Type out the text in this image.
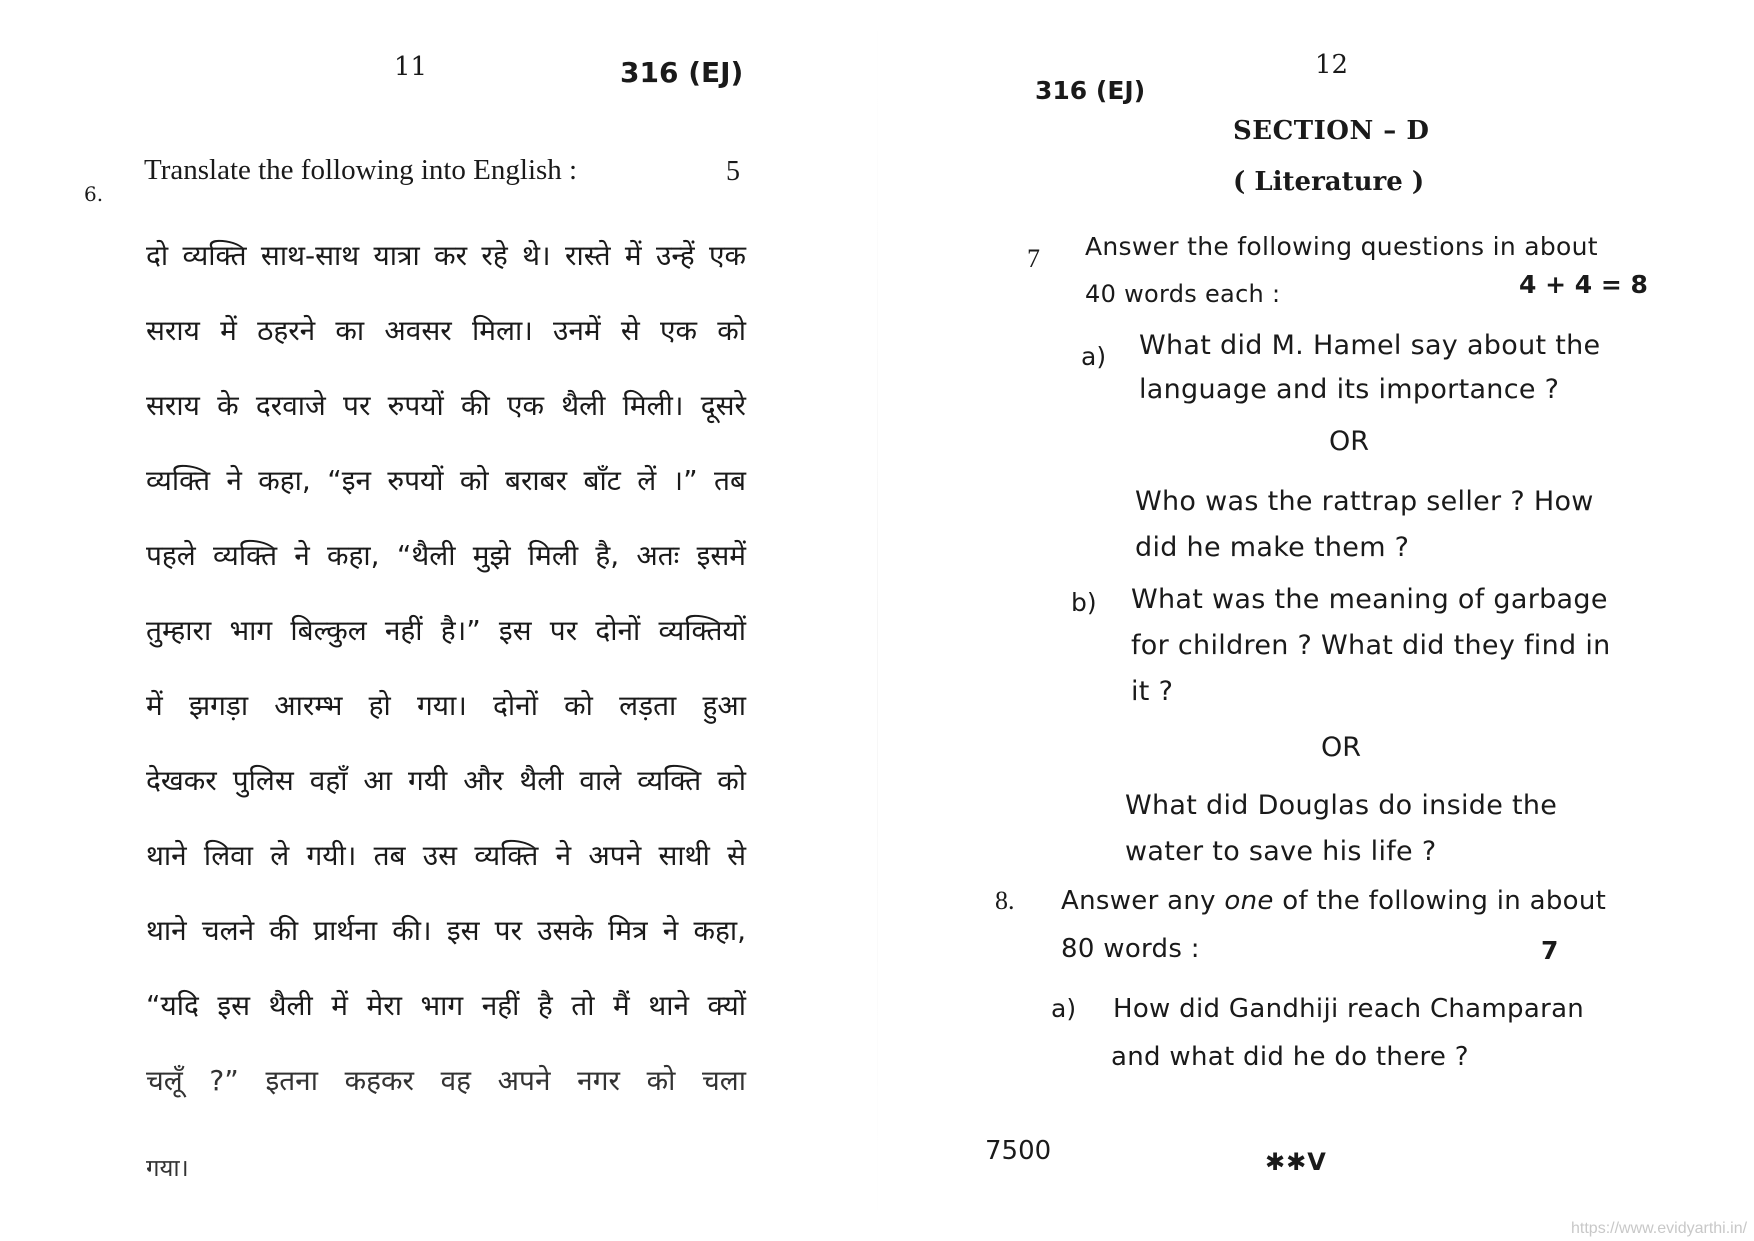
11	316 (EJ)
6.
Translate the following into English :	5
दो व्यक्ति साथ-साथ यात्रा कर रहे थे। रास्ते में उन्हें एक
सराय में ठहरने का अवसर मिला। उनमें से एक को
सराय के दरवाजे पर रुपयों की एक थैली मिली। दूसरे
व्यक्ति ने कहा, “इन रुपयों को बराबर बाँट लें ।” तब
पहले व्यक्ति ने कहा, “थैली मुझे मिली है, अतः इसमें
तुम्हारा भाग बिल्कुल नहीं है।” इस पर दोनों व्यक्तियों
में झगड़ा आरम्भ हो गया। दोनों को लड़ता हुआ
देखकर पुलिस वहाँ आ गयी और थैली वाले व्यक्ति को
थाने लिवा ले गयी। तब उस व्यक्ति ने अपने साथी से
थाने चलने की प्रार्थना की। इस पर उसके मित्र ने कहा,
“यदि इस थैली में मेरा भाग नहीं है तो मैं थाने क्यों
चलूँ ?” इतना कहकर वह अपने नगर को चला
गया।
12
316 (EJ)
SECTION – D
( Literature )
7 Answer the following questions in about
40 words each :	4 + 4 = 8
a) What did M. Hamel say about the
language and its importance ?
OR
Who was the rattrap seller ? How
did he make them ?
b) What was the meaning of garbage
for children ? What did they find in
it ?
OR
What did Douglas do inside the
water to save his life ?
8. Answer any one of the following in about
80 words :	7
a) How did Gandhiji reach Champaran
and what did he do there ?
7500	✱✱V
https://www.evidyarthi.in/
